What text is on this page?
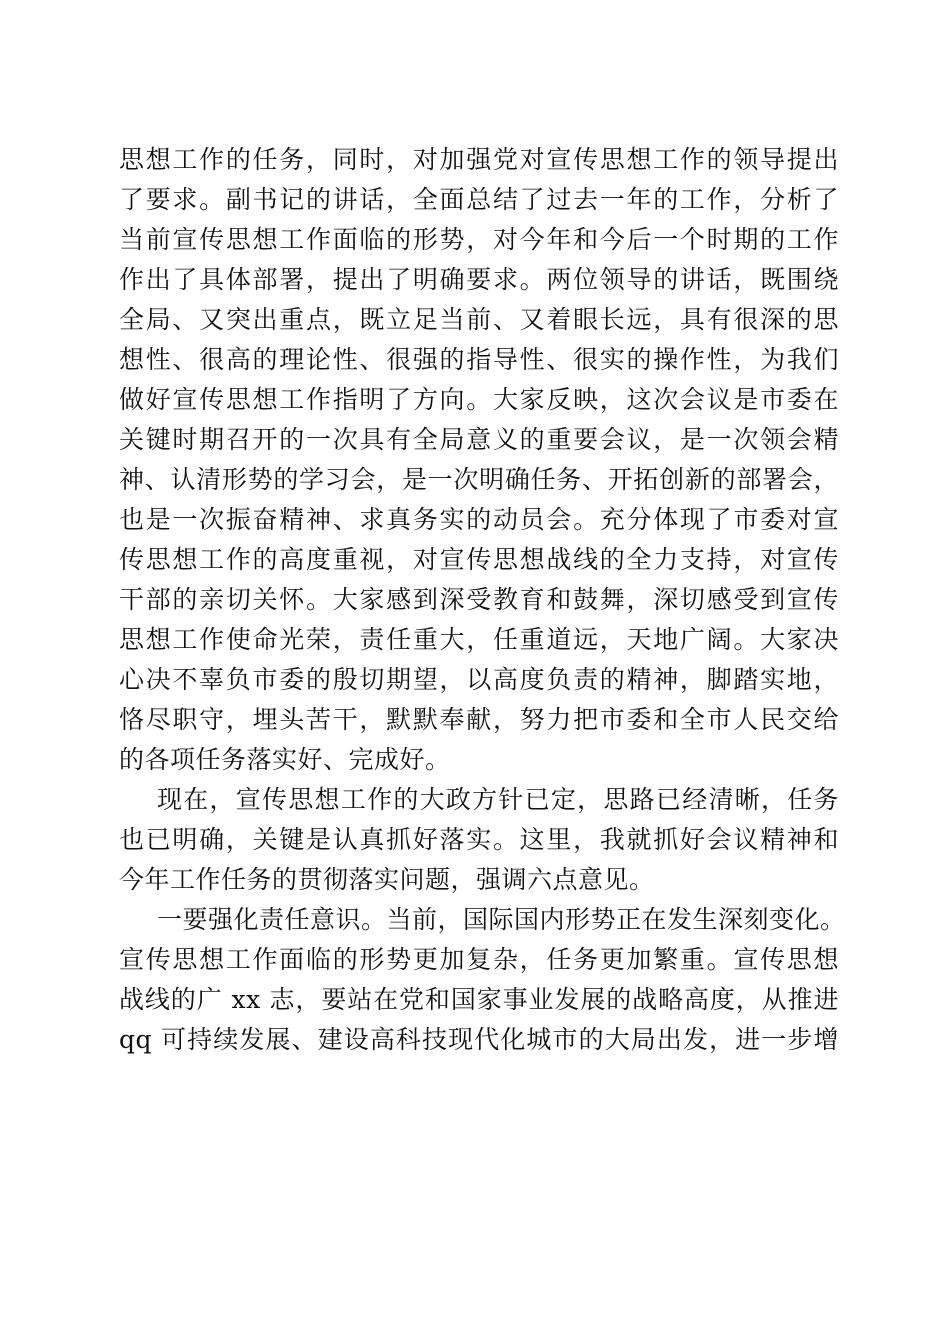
思想工作的任务，同时，对加强党对宣传思想工作的领导提出
了要求。副书记的讲话，全面总结了过去一年的工作，分析了
当前宣传思想工作面临的形势，对今年和今后一个时期的工作
作出了具体部署，提出了明确要求。两位领导的讲话，既围绕
全局、又突出重点，既立足当前、又着眼长远，具有很深的思
想性、很高的理论性、很强的指导性、很实的操作性，为我们
做好宣传思想工作指明了方向。大家反映，这次会议是市委在
关键时期召开的一次具有全局意义的重要会议，是一次领会精
神、认清形势的学习会，是一次明确任务、开拓创新的部署会，
也是一次振奋精神、求真务实的动员会。充分体现了市委对宣
传思想工作的高度重视，对宣传思想战线的全力支持，对宣传
干部的亲切关怀。大家感到深受教育和鼓舞，深切感受到宣传
思想工作使命光荣，责任重大，任重道远，天地广阔。大家决
心决不辜负市委的殷切期望，以高度负责的精神，脚踏实地，
恪尽职守，埋头苦干，默默奉献，努力把市委和全市人民交给
的各项任务落实好、完成好。
现在，宣传思想工作的大政方针已定，思路已经清晰，任务
也已明确，关键是认真抓好落实。这里，我就抓好会议精神和
今年工作任务的贯彻落实问题，强调六点意见。
一要强化责任意识。当前，国际国内形势正在发生深刻变化。
宣传思想工作面临的形势更加复杂，任务更加繁重。宣传思想
战线的广 xx 志，要站在党和国家事业发展的战略高度，从推进
qq 可持续发展、建设高科技现代化城市的大局出发，进一步增
